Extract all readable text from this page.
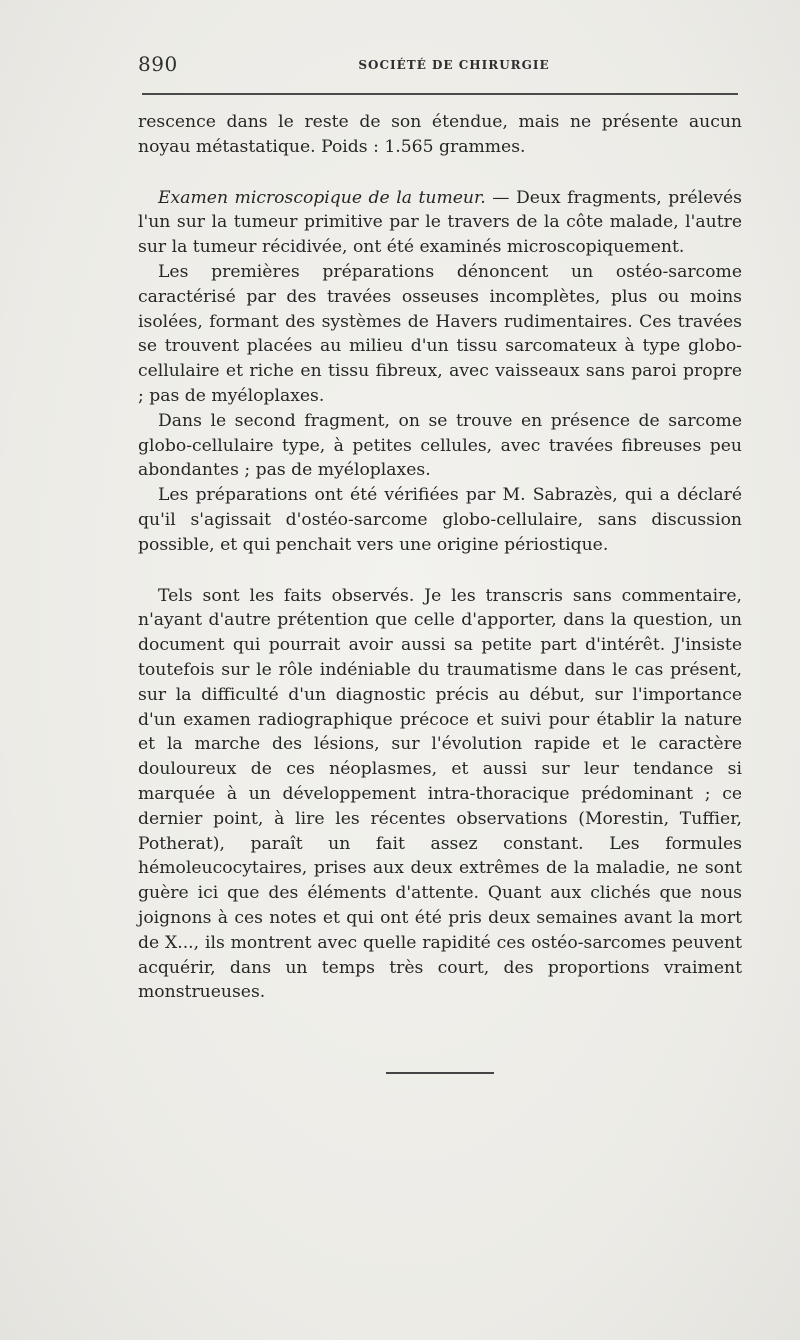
890	SOCIÉTÉ DE CHIRURGIE

rescence dans le reste de son étendue, mais ne présente aucun noyau métastatique. Poids : 1.565 grammes.

Examen microscopique de la tumeur. — Deux fragments, prélevés l'un sur la tumeur primitive par le travers de la côte malade, l'autre sur la tumeur récidivée, ont été examinés microscopiquement.

Les premières préparations dénoncent un ostéo-sarcome caractérisé par des travées osseuses incomplètes, plus ou moins isolées, formant des systèmes de Havers rudimentaires. Ces travées se trouvent placées au milieu d'un tissu sarcomateux à type globo-cellulaire et riche en tissu fibreux, avec vaisseaux sans paroi propre ; pas de myéloplaxes.

Dans le second fragment, on se trouve en présence de sarcome globo-cellulaire type, à petites cellules, avec travées fibreuses peu abondantes ; pas de myéloplaxes.

Les préparations ont été vérifiées par M. Sabrazès, qui a déclaré qu'il s'agissait d'ostéo-sarcome globo-cellulaire, sans discussion possible, et qui penchait vers une origine périostique.

Tels sont les faits observés. Je les transcris sans commentaire, n'ayant d'autre prétention que celle d'apporter, dans la question, un document qui pourrait avoir aussi sa petite part d'intérêt. J'insiste toutefois sur le rôle indéniable du traumatisme dans le cas présent, sur la difficulté d'un diagnostic précis au début, sur l'importance d'un examen radiographique précoce et suivi pour établir la nature et la marche des lésions, sur l'évolution rapide et le caractère douloureux de ces néoplasmes, et aussi sur leur tendance si marquée à un développement intra-thoracique prédominant ; ce dernier point, à lire les récentes observations (Morestin, Tuffier, Potherat), paraît un fait assez constant. Les formules hémoleucocytaires, prises aux deux extrêmes de la maladie, ne sont guère ici que des éléments d'attente. Quant aux clichés que nous joignons à ces notes et qui ont été pris deux semaines avant la mort de X..., ils montrent avec quelle rapidité ces ostéo-sarcomes peuvent acquérir, dans un temps très court, des proportions vraiment monstrueuses.
